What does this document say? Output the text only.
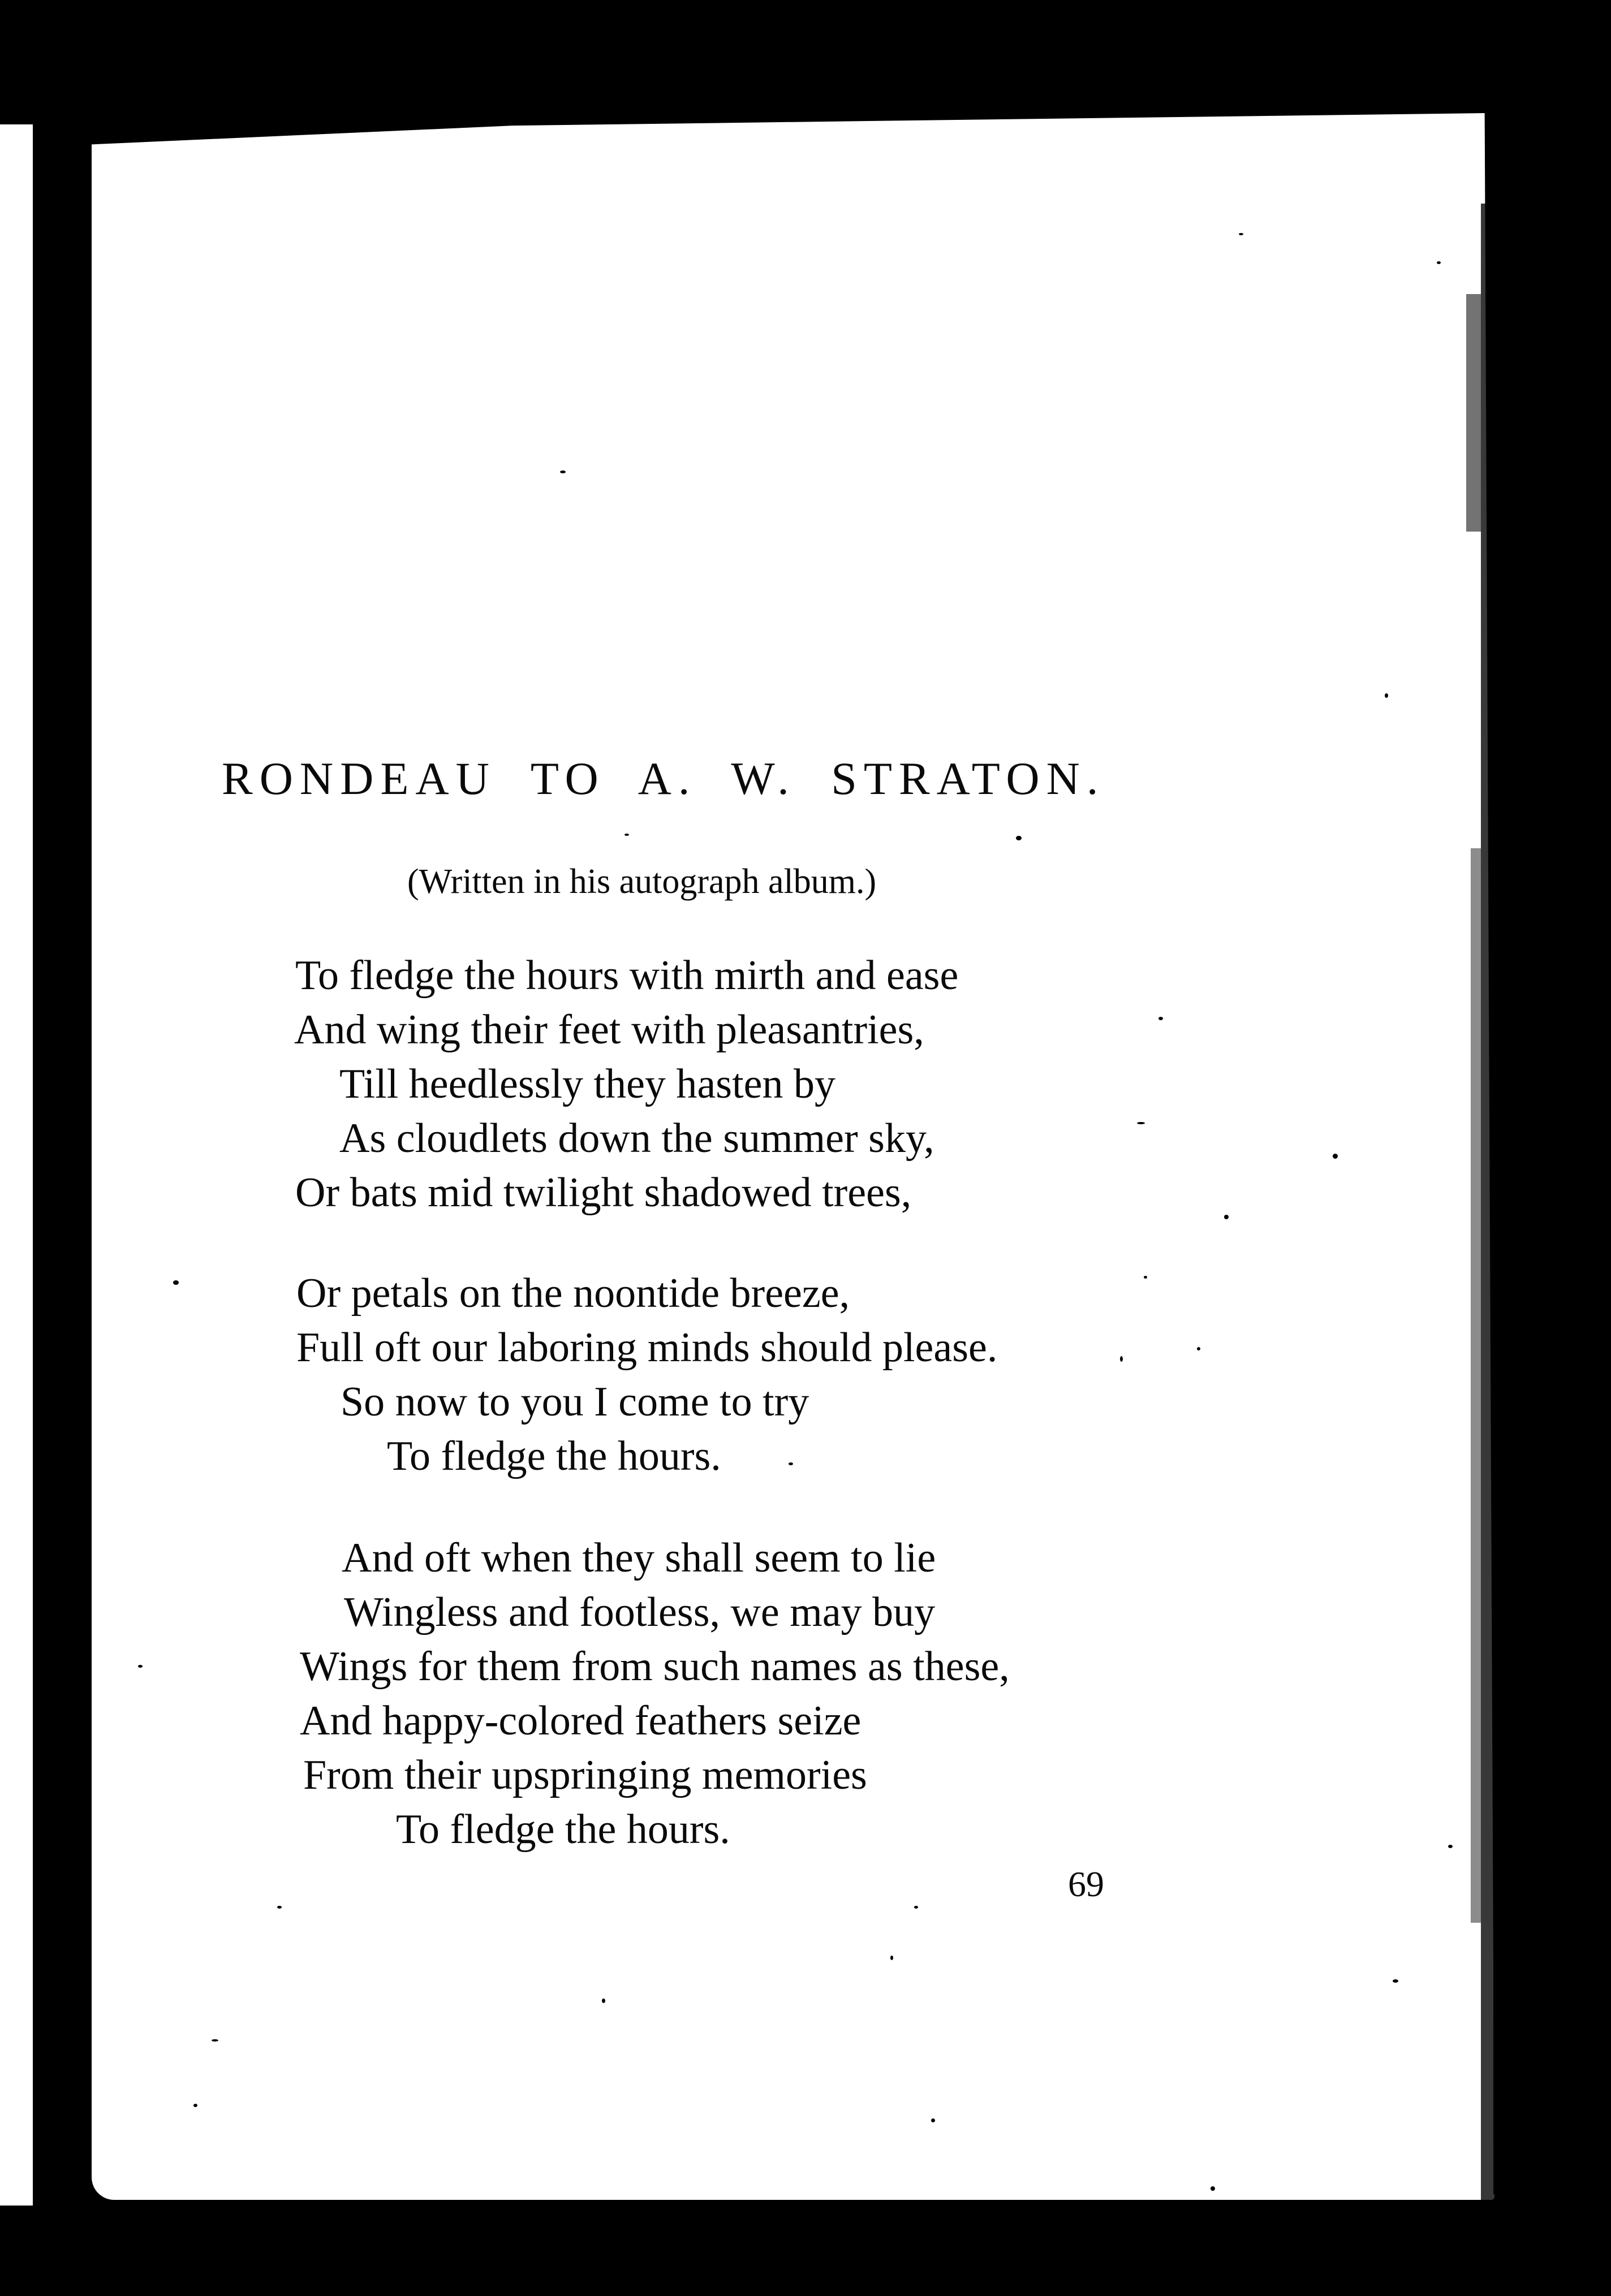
RONDEAU TO A. W. STRATON.
(Written in his autograph album.)
To fledge the hours with mirth and ease
And wing their feet with pleasantries,
Till heedlessly they hasten by
As cloudlets down the summer sky,
Or bats mid twilight shadowed trees,
Or petals on the noontide breeze,
Full oft our laboring minds should please.
So now to you I come to try
To fledge the hours.
And oft when they shall seem to lie
Wingless and footless, we may buy
Wings for them from such names as these,
And happy-colored feathers seize
From their upspringing memories
To fledge the hours.
69
